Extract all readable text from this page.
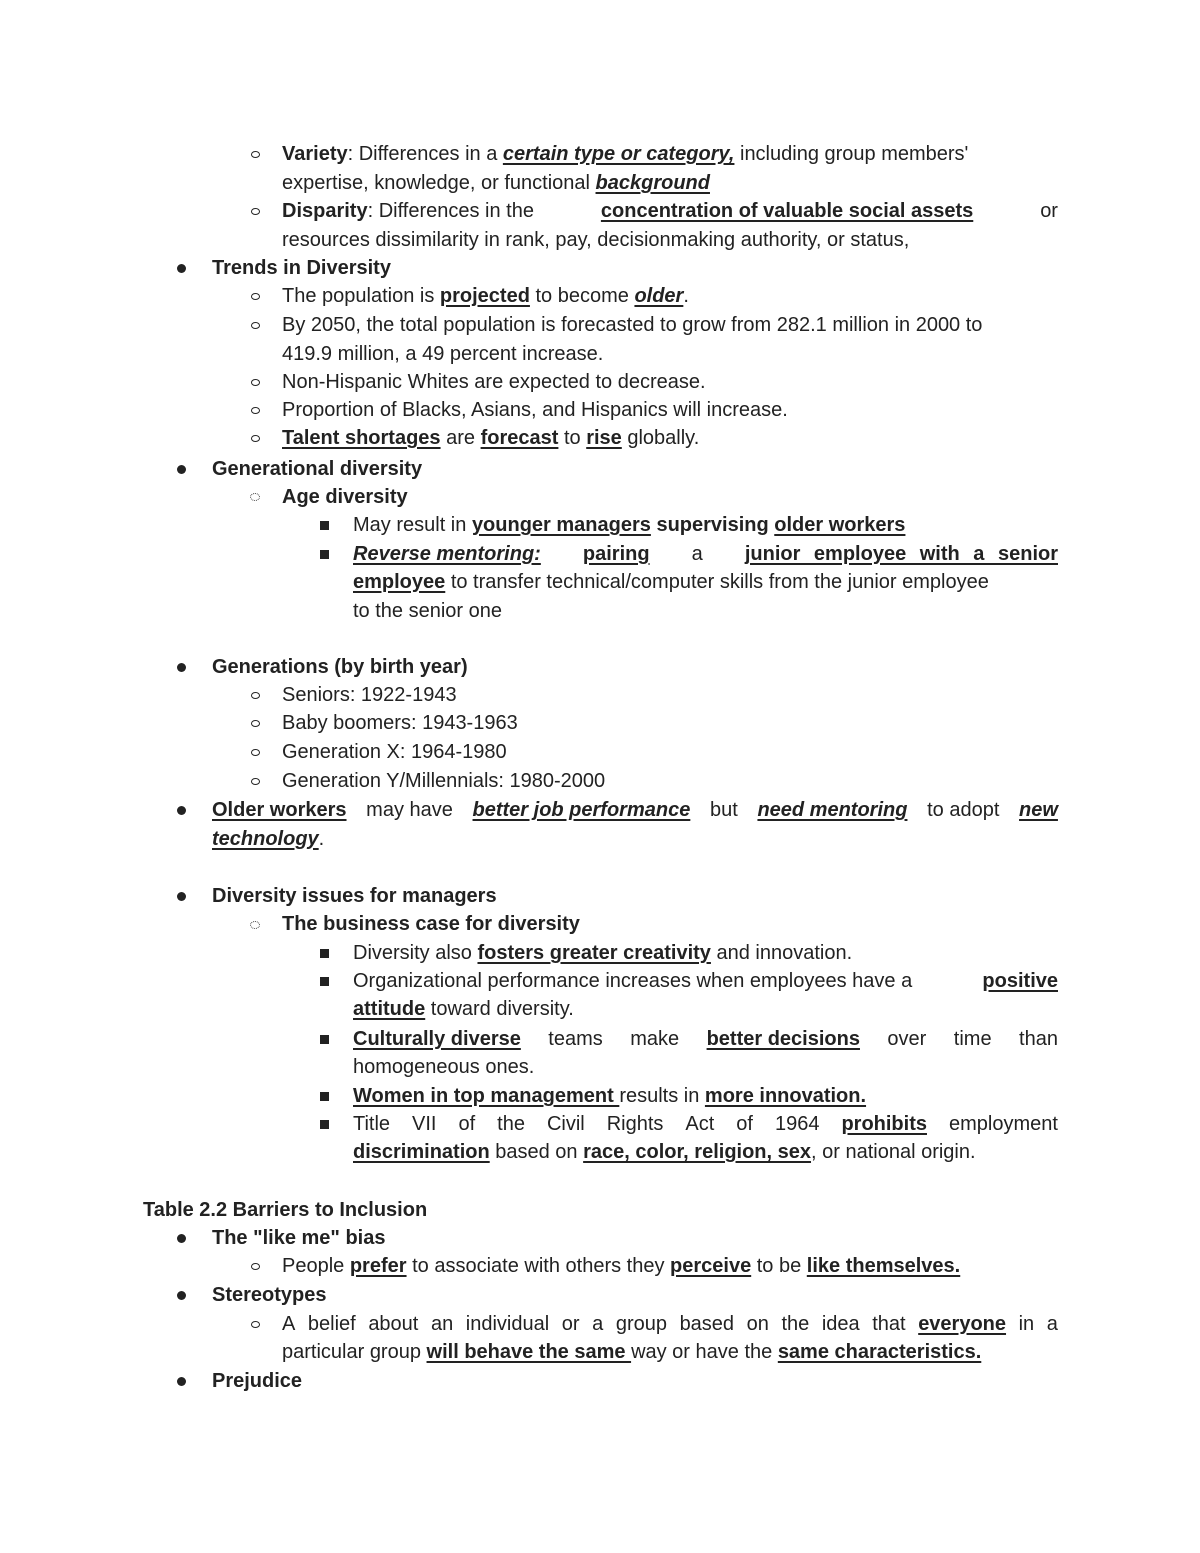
Variety: Differences in a certain type or category, including group members'
expertise, knowledge, or functional background
Disparity: Differences in the	concentration of valuable social assets	or
resources dissimilarity in rank, pay, decisionmaking authority, or status,
Trends in Diversity
The population is projected to become older.
By 2050, the total population is forecasted to grow from 282.1 million in 2000 to
419.9 million, a 49 percent increase.
Non-Hispanic Whites are expected to decrease.
Proportion of Blacks, Asians, and Hispanics will increase.
Talent shortages are forecast to rise globally.
Generational diversity
Age diversity
May result in younger managers supervising older workers
Reverse mentoring: pairing a junior employee with a senior
employee to transfer technical/computer skills from the junior employee
to the senior one
Generations (by birth year)
Seniors: 1922-1943
Baby boomers: 1943-1963
Generation X: 1964-1980
Generation Y/Millennials: 1980-2000
Older workers may have better job performance but need mentoring to adopt new
technology.
Diversity issues for managers
The business case for diversity
Diversity also fosters greater creativity and innovation.
Organizational performance increases when employees have a	positive
attitude toward diversity.
Culturally diverse teams make better decisions over time than
homogeneous ones.
Women in top management results in more innovation.
Title VII of the Civil Rights Act of 1964 prohibits employment
discrimination based on race, color, religion, sex, or national origin.
Table 2.2 Barriers to Inclusion
The "like me" bias
People prefer to associate with others they perceive to be like themselves.
Stereotypes
A belief about an individual or a group based on the idea that everyone in a
particular group will behave the same way or have the same characteristics.
Prejudice
